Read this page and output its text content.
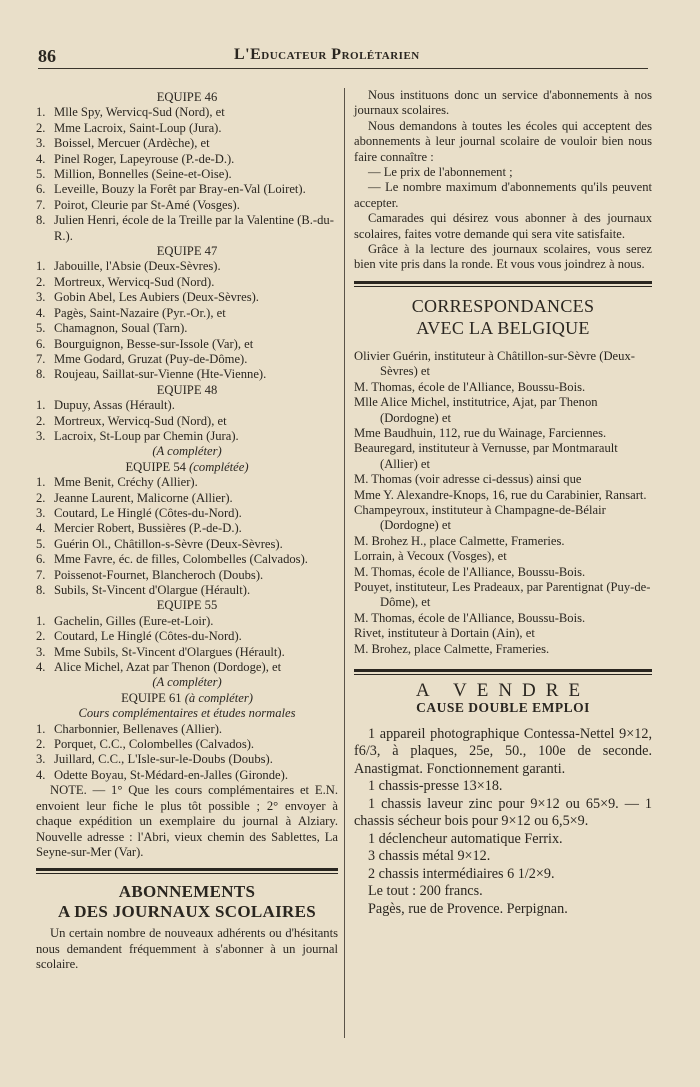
86	L'Educateur Prolétarien

EQUIPE 46

1. Mlle Spy, Wervicq-Sud (Nord), et
2. Mme Lacroix, Saint-Loup (Jura).
3. Boissel, Mercuer (Ardèche), et
4. Pinel Roger, Lapeyrouse (P.-de-D.).
5. Million, Bonnelles (Seine-et-Oise).
6. Leveille, Bouzy la Forêt par Bray-en-Val (Loiret).
7. Poirot, Cleurie par St-Amé (Vosges).
8. Julien Henri, école de la Treille par la Valentine (B.-du-R.).

EQUIPE 47

1. Jabouille, l'Absie (Deux-Sèvres).
2. Mortreux, Wervicq-Sud (Nord).
3. Gobin Abel, Les Aubiers (Deux-Sèvres).
4. Pagès, Saint-Nazaire (Pyr.-Or.), et
5. Chamagnon, Soual (Tarn).
6. Bourguignon, Besse-sur-Issole (Var), et
7. Mme Godard, Gruzat (Puy-de-Dôme).
8. Roujeau, Saillat-sur-Vienne (Hte-Vienne).

EQUIPE 48

1. Dupuy, Assas (Hérault).
2. Mortreux, Wervicq-Sud (Nord), et
3. Lacroix, St-Loup par Chemin (Jura).

(A compléter)

EQUIPE 54 (complétée)

1. Mme Benit, Créchy (Allier).
2. Jeanne Laurent, Malicorne (Allier).
3. Coutard, Le Hinglé (Côtes-du-Nord).
4. Mercier Robert, Bussières (P.-de-D.).
5. Guérin Ol., Châtillon-s-Sèvre (Deux-Sèvres).
6. Mme Favre, éc. de filles, Colombelles (Calvados).
7. Poissenot-Fournet, Blancheroch (Doubs).
8. Subils, St-Vincent d'Olargue (Hérault).

EQUIPE 55

1. Gachelin, Gilles (Eure-et-Loir).
2. Coutard, Le Hinglé (Côtes-du-Nord).
3. Mme Subils, St-Vincent d'Olargues (Hérault).
4. Alice Michel, Azat par Thenon (Dordoge), et

(A compléter)

EQUIPE 61 (à compléter)

Cours complémentaires et études normales

1. Charbonnier, Bellenaves (Allier).
2. Porquet, C.C., Colombelles (Calvados).
3. Juillard, C.C., L'Isle-sur-le-Doubs (Doubs).
4. Odette Boyau, St-Médard-en-Jalles (Gironde).

NOTE. — 1° Que les cours complémentaires et E.N. envoient leur fiche le plus tôt possible ; 2° envoyer à chaque expédition un exemplaire du journal à Alziary. Nouvelle adresse : l'Abri, vieux chemin des Sablettes, La Seyne-sur-Mer (Var).

ABONNEMENTS
A DES JOURNAUX SCOLAIRES

Un certain nombre de nouveaux adhérents ou d'hésitants nous demandent fréquemment à s'abonner à un journal scolaire.

Nous instituons donc un service d'abonnements à nos journaux scolaires.

Nous demandons à toutes les écoles qui acceptent des abonnements à leur journal scolaire de vouloir bien nous faire connaître :

— Le prix de l'abonnement ;

— Le nombre maximum d'abonnements qu'ils peuvent accepter.

Camarades qui désirez vous abonner à des journaux scolaires, faites votre demande qui sera vite satisfaite.

Grâce à la lecture des journaux scolaires, vous serez bien vite pris dans la ronde. Et vous vous joindrez à nous.

CORRESPONDANCES
AVEC LA BELGIQUE
Olivier Guérin, instituteur à Châtillon-sur-Sèvre (Deux-Sèvres) et
M. Thomas, école de l'Alliance, Boussu-Bois.
Mlle Alice Michel, institutrice, Ajat, par Thenon (Dordogne) et
Mme Baudhuin, 112, rue du Wainage, Farciennes.
Beauregard, instituteur à Vernusse, par Montmarault (Allier) et
M. Thomas (voir adresse ci-dessus) ainsi que
Mme Y. Alexandre-Knops, 16, rue du Carabinier, Ransart.
Champeyroux, instituteur à Champagne-de-Bélair (Dordogne) et
M. Brohez H., place Calmette, Frameries.
Lorrain, à Vecoux (Vosges), et
M. Thomas, école de l'Alliance, Boussu-Bois.
Pouyet, instituteur, Les Pradeaux, par Parentignat (Puy-de-Dôme), et
M. Thomas, école de l'Alliance, Boussu-Bois.
Rivet, instituteur à Dortain (Ain), et
M. Brohez, place Calmette, Frameries.
A VENDRE
CAUSE DOUBLE EMPLOI

1 appareil photographique Contessa-Nettel 9×12, f6/3, à plaques, 25e, 50., 100e de seconde. Anastigmat. Fonctionnement garanti.

1 chassis-presse 13×18.

1 chassis laveur zinc pour 9×12 ou 65×9. — 1 chassis sécheur bois pour 9×12 ou 6,5×9.

1 déclencheur automatique Ferrix.

3 chassis métal 9×12.

2 chassis intermédiaires 6 1/2×9.

Le tout : 200 francs.

Pagès, rue de Provence. Perpignan.
